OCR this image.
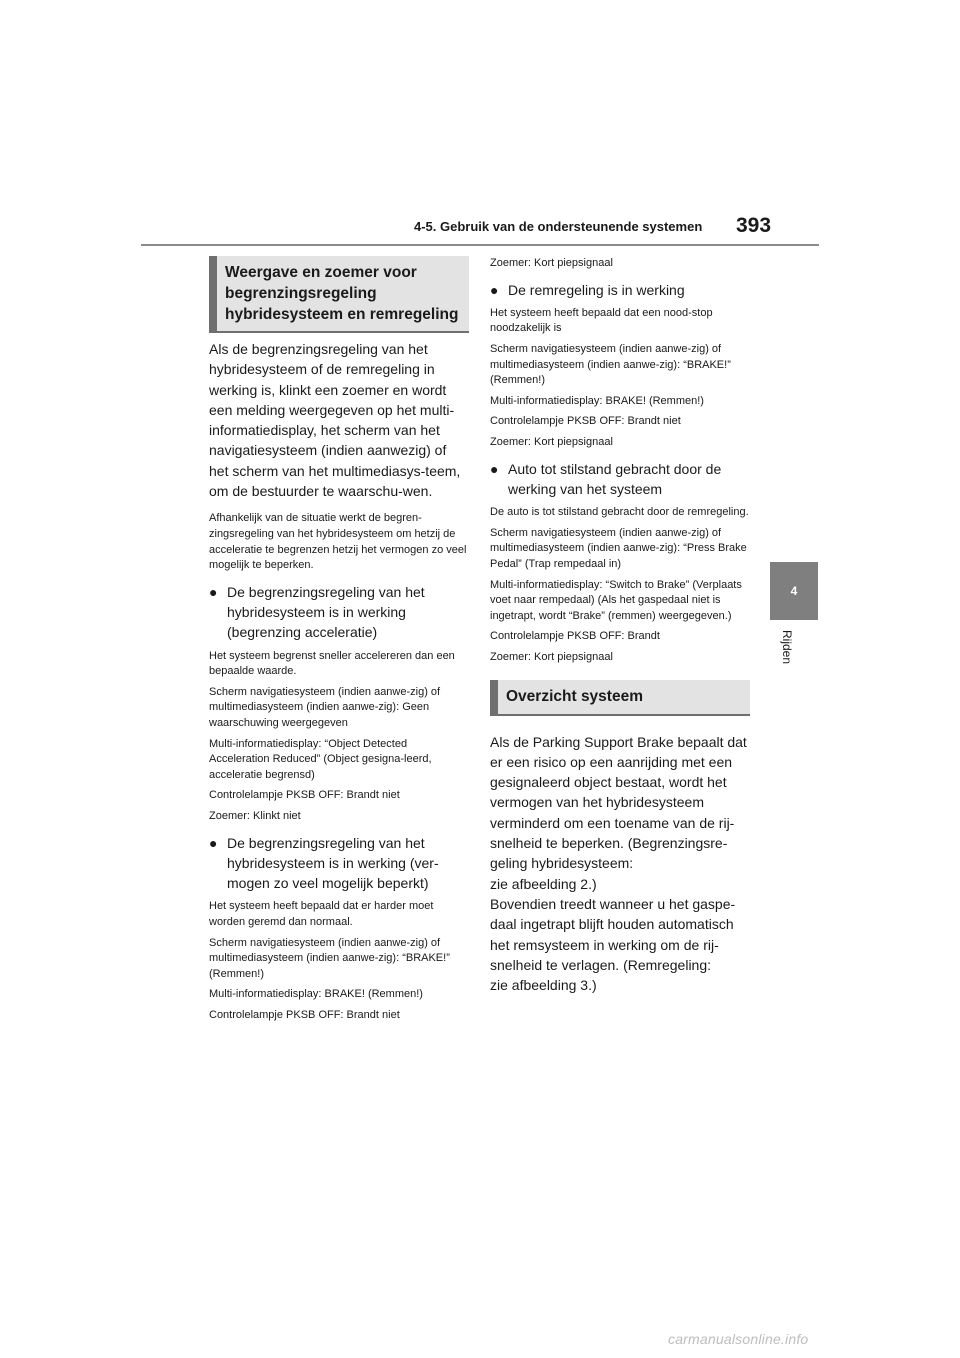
4-5. Gebruik van de ondersteunende systemen 393
4
Rijden
Weergave en zoemer voor begrenzingsregeling hybridesysteem en remregeling

Als de begrenzingsregeling van het hybridesysteem of de remregeling in werking is, klinkt een zoemer en wordt een melding weergegeven op het multi-informatiedisplay, het scherm van het navigatiesysteem (indien aanwezig) of het scherm van het multimediasys-teem, om de bestuurder te waarschu-wen.

Afhankelijk van de situatie werkt de begren-zingsregeling van het hybridesysteem om hetzij de acceleratie te begrenzen hetzij het vermogen zo veel mogelijk te beperken.

● De begrenzingsregeling van het hybridesysteem is in werking (begrenzing acceleratie)

Het systeem begrenst sneller accelereren dan een bepaalde waarde.

Scherm navigatiesysteem (indien aanwe-zig) of multimediasysteem (indien aanwe-zig): Geen waarschuwing weergegeven

Multi-informatiedisplay: “Object Detected Acceleration Reduced” (Object gesigna-leerd, acceleratie begrensd)

Controlelampje PKSB OFF: Brandt niet

Zoemer: Klinkt niet

● De begrenzingsregeling van het hybridesysteem is in werking (ver-mogen zo veel mogelijk beperkt)

Het systeem heeft bepaald dat er harder moet worden geremd dan normaal.

Scherm navigatiesysteem (indien aanwe-zig) of multimediasysteem (indien aanwe-zig): “BRAKE!” (Remmen!)

Multi-informatiedisplay: BRAKE! (Remmen!)

Controlelampje PKSB OFF: Brandt niet

Zoemer: Kort piepsignaal

● De remregeling is in werking

Het systeem heeft bepaald dat een nood-stop noodzakelijk is

Scherm navigatiesysteem (indien aanwe-zig) of multimediasysteem (indien aanwe-zig): “BRAKE!” (Remmen!)

Multi-informatiedisplay: BRAKE! (Remmen!)

Controlelampje PKSB OFF: Brandt niet

Zoemer: Kort piepsignaal

● Auto tot stilstand gebracht door de werking van het systeem

De auto is tot stilstand gebracht door de remregeling.

Scherm navigatiesysteem (indien aanwe-zig) of multimediasysteem (indien aanwe-zig): “Press Brake Pedal” (Trap rempedaal in)

Multi-informatiedisplay: “Switch to Brake” (Verplaats voet naar rempedaal) (Als het gaspedaal niet is ingetrapt, wordt “Brake” (remmen) weergegeven.)

Controlelampje PKSB OFF: Brandt

Zoemer: Kort piepsignaal

Overzicht systeem

Als de Parking Support Brake bepaalt dat er een risico op een aanrijding met een gesignaleerd object bestaat, wordt het vermogen van het hybridesysteem verminderd om een toename van de rij-snelheid te beperken. (Begrenzingsre-geling hybridesysteem:
zie afbeelding 2.)
Bovendien treedt wanneer u het gaspe-daal ingetrapt blijft houden automatisch het remsysteem in werking om de rij-snelheid te verlagen. (Remregeling:
zie afbeelding 3.)

carmanualsonline.info
